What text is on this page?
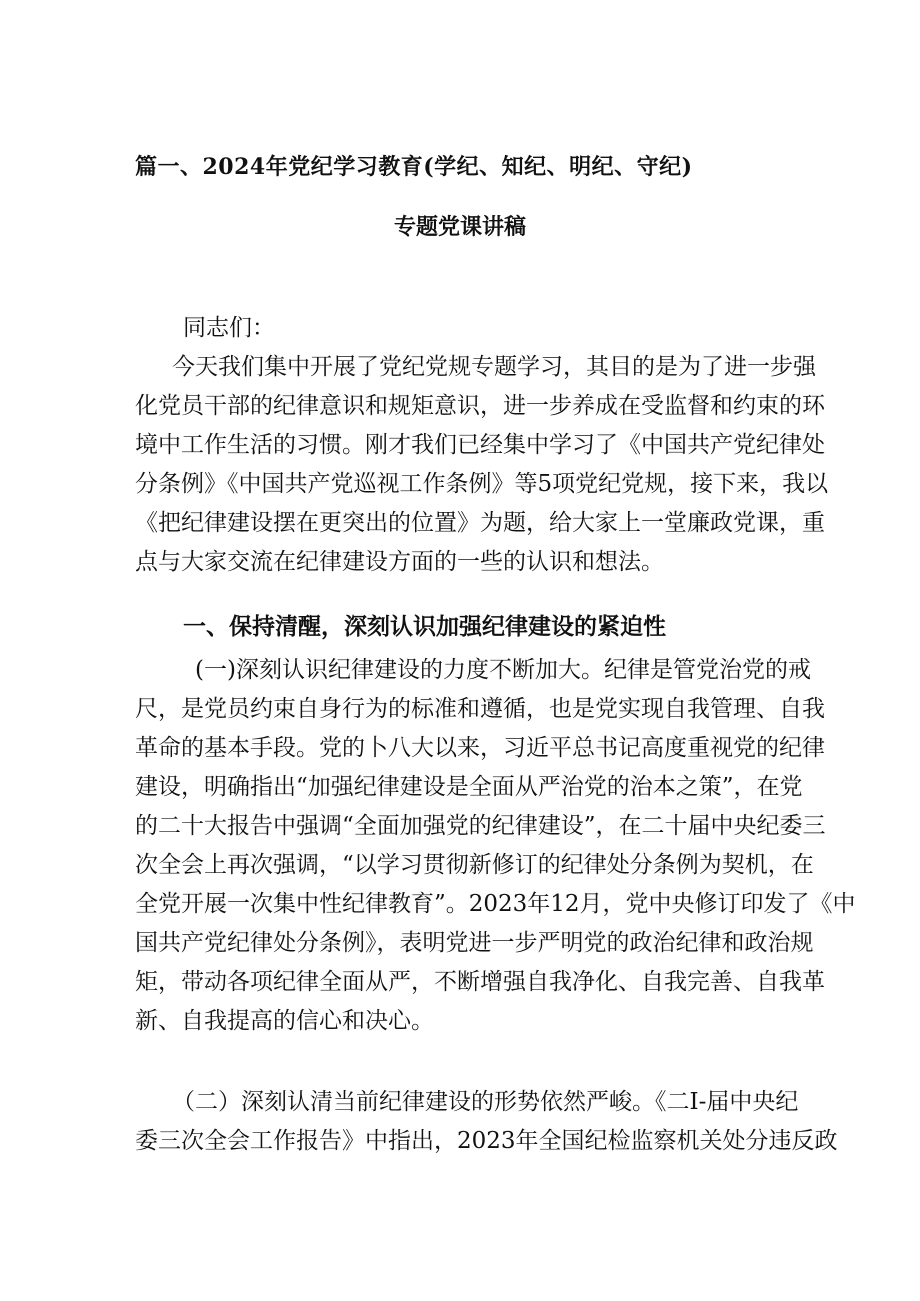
篇一、2024年党纪学习教育(学纪、知纪、明纪、守纪)
专题党课讲稿
同志们：
今天我们集中开展了党纪党规专题学习，其目的是为了进一步强
化党员干部的纪律意识和规矩意识，进一步养成在受监督和约束的环
境中工作生活的习惯。刚才我们已经集中学习了《中国共产党纪律处
分条例》《中国共产党巡视工作条例》等5项党纪党规，接下来，我以
《把纪律建设摆在更突出的位置》为题，给大家上一堂廉政党课，重
点与大家交流在纪律建设方面的一些的认识和想法。
一、保持清醒，深刻认识加强纪律建设的紧迫性
(一)深刻认识纪律建设的力度不断加大。纪律是管党治党的戒
尺，是党员约束自身行为的标准和遵循，也是党实现自我管理、自我
革命的基本手段。党的卜八大以来，习近平总书记高度重视党的纪律
建设，明确指出“加强纪律建设是全面从严治党的治本之策”，在党
的二十大报告中强调“全面加强党的纪律建设”，在二十届中央纪委三
次全会上再次强调，“以学习贯彻新修订的纪律处分条例为契机，在
全党开展一次集中性纪律教育”。2023年12月，党中央修订印发了《中
国共产党纪律处分条例》，表明党进一步严明党的政治纪律和政治规
矩，带动各项纪律全面从严，不断增强自我净化、自我完善、自我革
新、自我提高的信心和决心。
（二）深刻认清当前纪律建设的形势依然严峻。《二I-届中央纪
委三次全会工作报告》中指出，2023年全国纪检监察机关处分违反政
